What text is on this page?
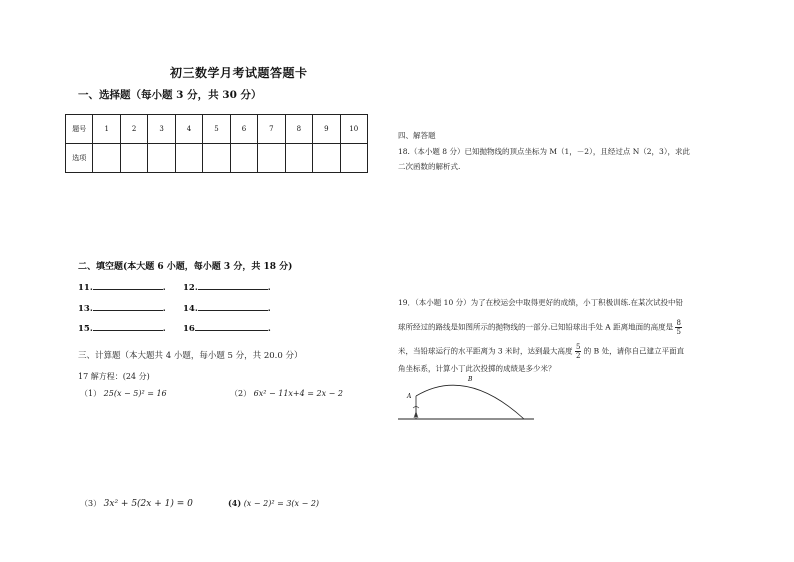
初三数学月考试题答题卡
一、选择题（每小题 3 分，共 30 分）
题号	1	2	3	4	5	6	7	8	9	10
选项										
二、填空题(本大题 6 小题，每小题 3 分，共 18 分)
11.	. 12.	.
13.	. 14.	.
15.	. 16	.
三、计算题（本大题共 4 小题，每小题 5 分，共 20.0 分）
17 解方程：(24 分)
（1） 25(x − 5)² = 16	（2） 6x² − 11x+4 = 2x − 2
（3） 3x² + 5(2x + 1) = 0	(4) (x − 2)² = 3(x − 2)
四、解答题
18.（本小题 8 分）已知抛物线的顶点坐标为 M（1，－2），且经过点 N（2，3），求此
二次函数的解析式.
19．（本小题 10 分）为了在校运会中取得更好的成绩，小丁积极训练.在某次试投中铅
球所经过的路线是如图所示的抛物线的一部分.已知铅球出手处 A 距离地面的高度是 $\frac{8}{5}$
米，当铅球运行的水平距离为 3 米时，达到最大高度 $\frac{5}{2}$ 的 B 处，请你自己建立平面直
角坐标系，计算小丁此次投掷的成绩是多少米？
A
B
